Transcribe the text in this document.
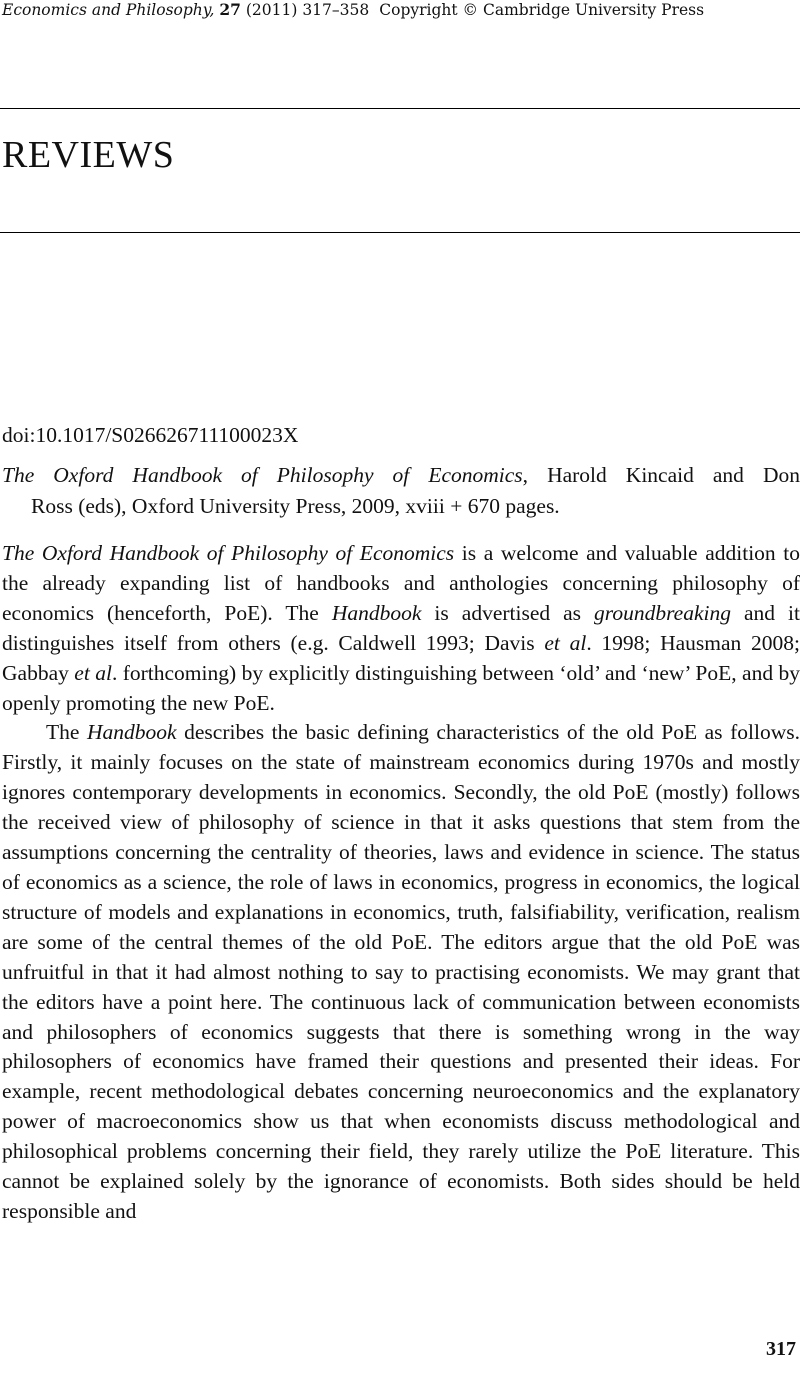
Economics and Philosophy, 27 (2011) 317–358 Copyright © Cambridge University Press
REVIEWS
doi:10.1017/S026626711100023X
The Oxford Handbook of Philosophy of Economics, Harold Kincaid and Don
Ross (eds), Oxford University Press, 2009, xviii + 670 pages.

The Oxford Handbook of Philosophy of Economics is a welcome and valuable addition to the already expanding list of handbooks and anthologies concerning philosophy of economics (henceforth, PoE). The Handbook is advertised as groundbreaking and it distinguishes itself from others (e.g. Caldwell 1993; Davis et al. 1998; Hausman 2008; Gabbay et al. forthcoming) by explicitly distinguishing between ‘old’ and ‘new’ PoE, and by openly promoting the new PoE.

The Handbook describes the basic defining characteristics of the old PoE as follows. Firstly, it mainly focuses on the state of mainstream economics during 1970s and mostly ignores contemporary developments in economics. Secondly, the old PoE (mostly) follows the received view of philosophy of science in that it asks questions that stem from the assumptions concerning the centrality of theories, laws and evidence in science. The status of economics as a science, the role of laws in economics, progress in economics, the logical structure of models and explanations in economics, truth, falsifiability, verification, realism are some of the central themes of the old PoE. The editors argue that the old PoE was unfruitful in that it had almost nothing to say to practising economists. We may grant that the editors have a point here. The continuous lack of communication between economists and philosophers of economics suggests that there is something wrong in the way philosophers of economics have framed their questions and presented their ideas. For example, recent methodological debates concerning neuroeconomics and the explanatory power of macroeconomics show us that when economists discuss methodological and philosophical problems concerning their field, they rarely utilize the PoE literature. This cannot be explained solely by the ignorance of economists. Both sides should be held responsible and

317
